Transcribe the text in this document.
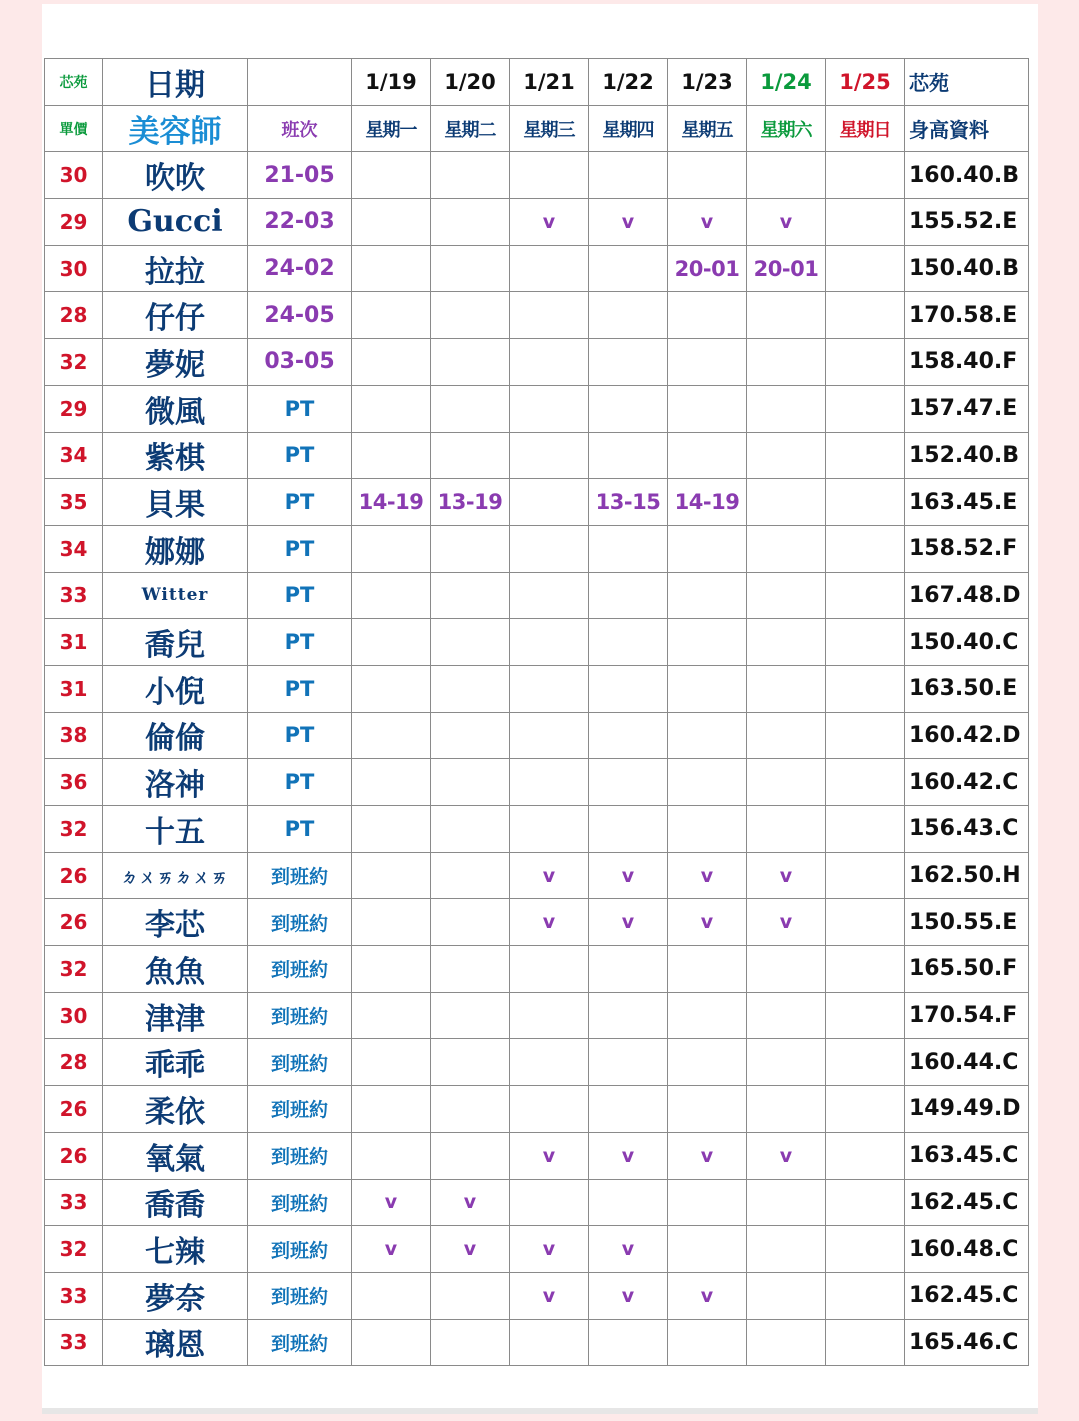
芯苑	日期		1/19	1/20	1/21	1/22	1/23	1/24	1/25	芯苑
單價	美容師	班次	星期一	星期二	星期三	星期四	星期五	星期六	星期日	身高資料
30	吹吹	21-05								160.40.B
29	Gucci	22-03			v	v	v	v		155.52.E
30	拉拉	24-02					20-01	20-01		150.40.B
28	仔仔	24-05								170.58.E
32	夢妮	03-05								158.40.F
29	微風	PT								157.47.E
34	紫棋	PT								152.40.B
35	貝果	PT	14-19	13-19		13-15	14-19			163.45.E
34	娜娜	PT								158.52.F
33	Witter	PT								167.48.D
31	喬兒	PT								150.40.C
31	小倪	PT								163.50.E
38	倫倫	PT								160.42.D
36	洛神	PT								160.42.C
32	十五	PT								156.43.C
26	ㄉㄨㄞㄉㄨㄞ	到班約			v	v	v	v		162.50.H
26	李芯	到班約			v	v	v	v		150.55.E
32	魚魚	到班約								165.50.F
30	津津	到班約								170.54.F
28	乖乖	到班約								160.44.C
26	柔依	到班約								149.49.D
26	氧氣	到班約			v	v	v	v		163.45.C
33	喬喬	到班約	v	v						162.45.C
32	七辣	到班約	v	v	v	v				160.48.C
33	夢奈	到班約			v	v	v			162.45.C
33	璃恩	到班約								165.46.C
